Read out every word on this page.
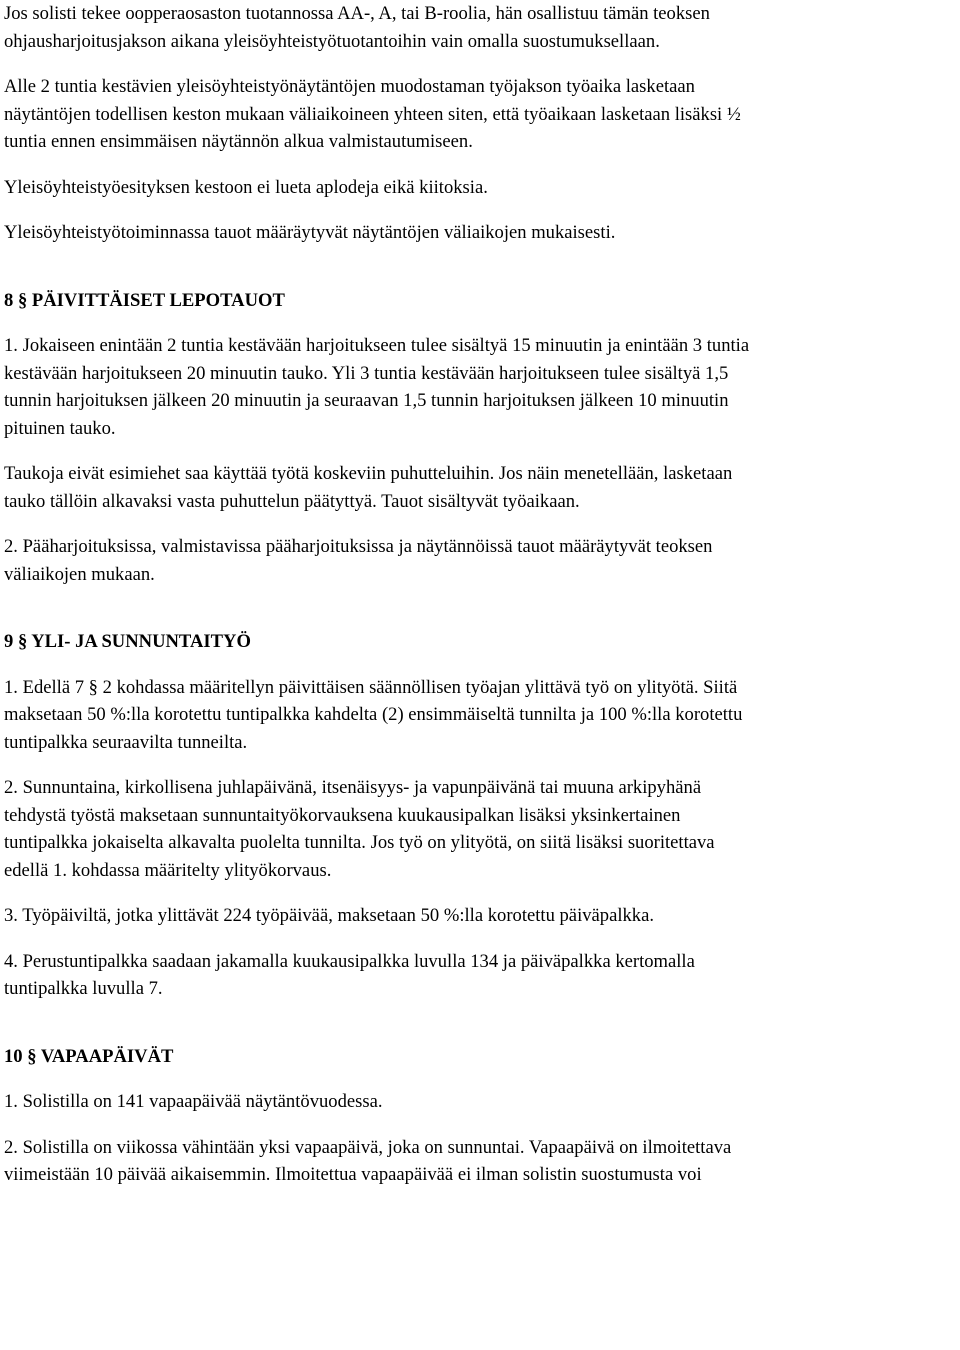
Jos solisti tekee oopperaosaston tuotannossa AA-, A, tai B-roolia, hän osallistuu tämän teoksen
ohjausharjoitusjakson aikana yleisöyhteistyötuotantoihin vain omalla suostumuksellaan.

Alle 2 tuntia kestävien yleisöyhteistyönäytäntöjen muodostaman työjakson työaika lasketaan
näytäntöjen todellisen keston mukaan väliaikoineen yhteen siten, että työaikaan lasketaan lisäksi ½
tuntia ennen ensimmäisen näytännön alkua valmistautumiseen.

Yleisöyhteistyöesityksen kestoon ei lueta aplodeja eikä kiitoksia.

Yleisöyhteistyötoiminnassa tauot määräytyvät näytäntöjen väliaikojen mukaisesti.

8 § PÄIVITTÄISET LEPOTAUOT

1. Jokaiseen enintään 2 tuntia kestävään harjoitukseen tulee sisältyä 15 minuutin ja enintään 3 tuntia
kestävään harjoitukseen 20 minuutin tauko. Yli 3 tuntia kestävään harjoitukseen tulee sisältyä 1,5
tunnin harjoituksen jälkeen 20 minuutin ja seuraavan 1,5 tunnin harjoituksen jälkeen 10 minuutin
pituinen tauko.

Taukoja eivät esimiehet saa käyttää työtä koskeviin puhutteluihin. Jos näin menetellään, lasketaan
tauko tällöin alkavaksi vasta puhuttelun päätyttyä. Tauot sisältyvät työaikaan.

2. Pääharjoituksissa, valmistavissa pääharjoituksissa ja näytännöissä tauot määräytyvät teoksen
väliaikojen mukaan.

9 § YLI- JA SUNNUNTAITYÖ

1. Edellä 7 § 2 kohdassa määritellyn päivittäisen säännöllisen työajan ylittävä työ on ylityötä. Siitä
maksetaan 50 %:lla korotettu tuntipalkka kahdelta (2) ensimmäiseltä tunnilta ja 100 %:lla korotettu
tuntipalkka seuraavilta tunneilta.

2. Sunnuntaina, kirkollisena juhlapäivänä, itsenäisyys- ja vapunpäivänä tai muuna arkipyhänä
tehdystä työstä maksetaan sunnuntaityökorvauksena kuukausipalkan lisäksi yksinkertainen
tuntipalkka jokaiselta alkavalta puolelta tunnilta. Jos työ on ylityötä, on siitä lisäksi suoritettava
edellä 1. kohdassa määritelty ylityökorvaus.

3. Työpäiviltä, jotka ylittävät 224 työpäivää, maksetaan 50 %:lla korotettu päiväpalkka.

4. Perustuntipalkka saadaan jakamalla kuukausipalkka luvulla 134 ja päiväpalkka kertomalla
tuntipalkka luvulla 7.

10 § VAPAAPÄIVÄT

1. Solistilla on 141 vapaapäivää näytäntövuodessa.

2. Solistilla on viikossa vähintään yksi vapaapäivä, joka on sunnuntai. Vapaapäivä on ilmoitettava
viimeistään 10 päivää aikaisemmin. Ilmoitettua vapaapäivää ei ilman solistin suostumusta voi
